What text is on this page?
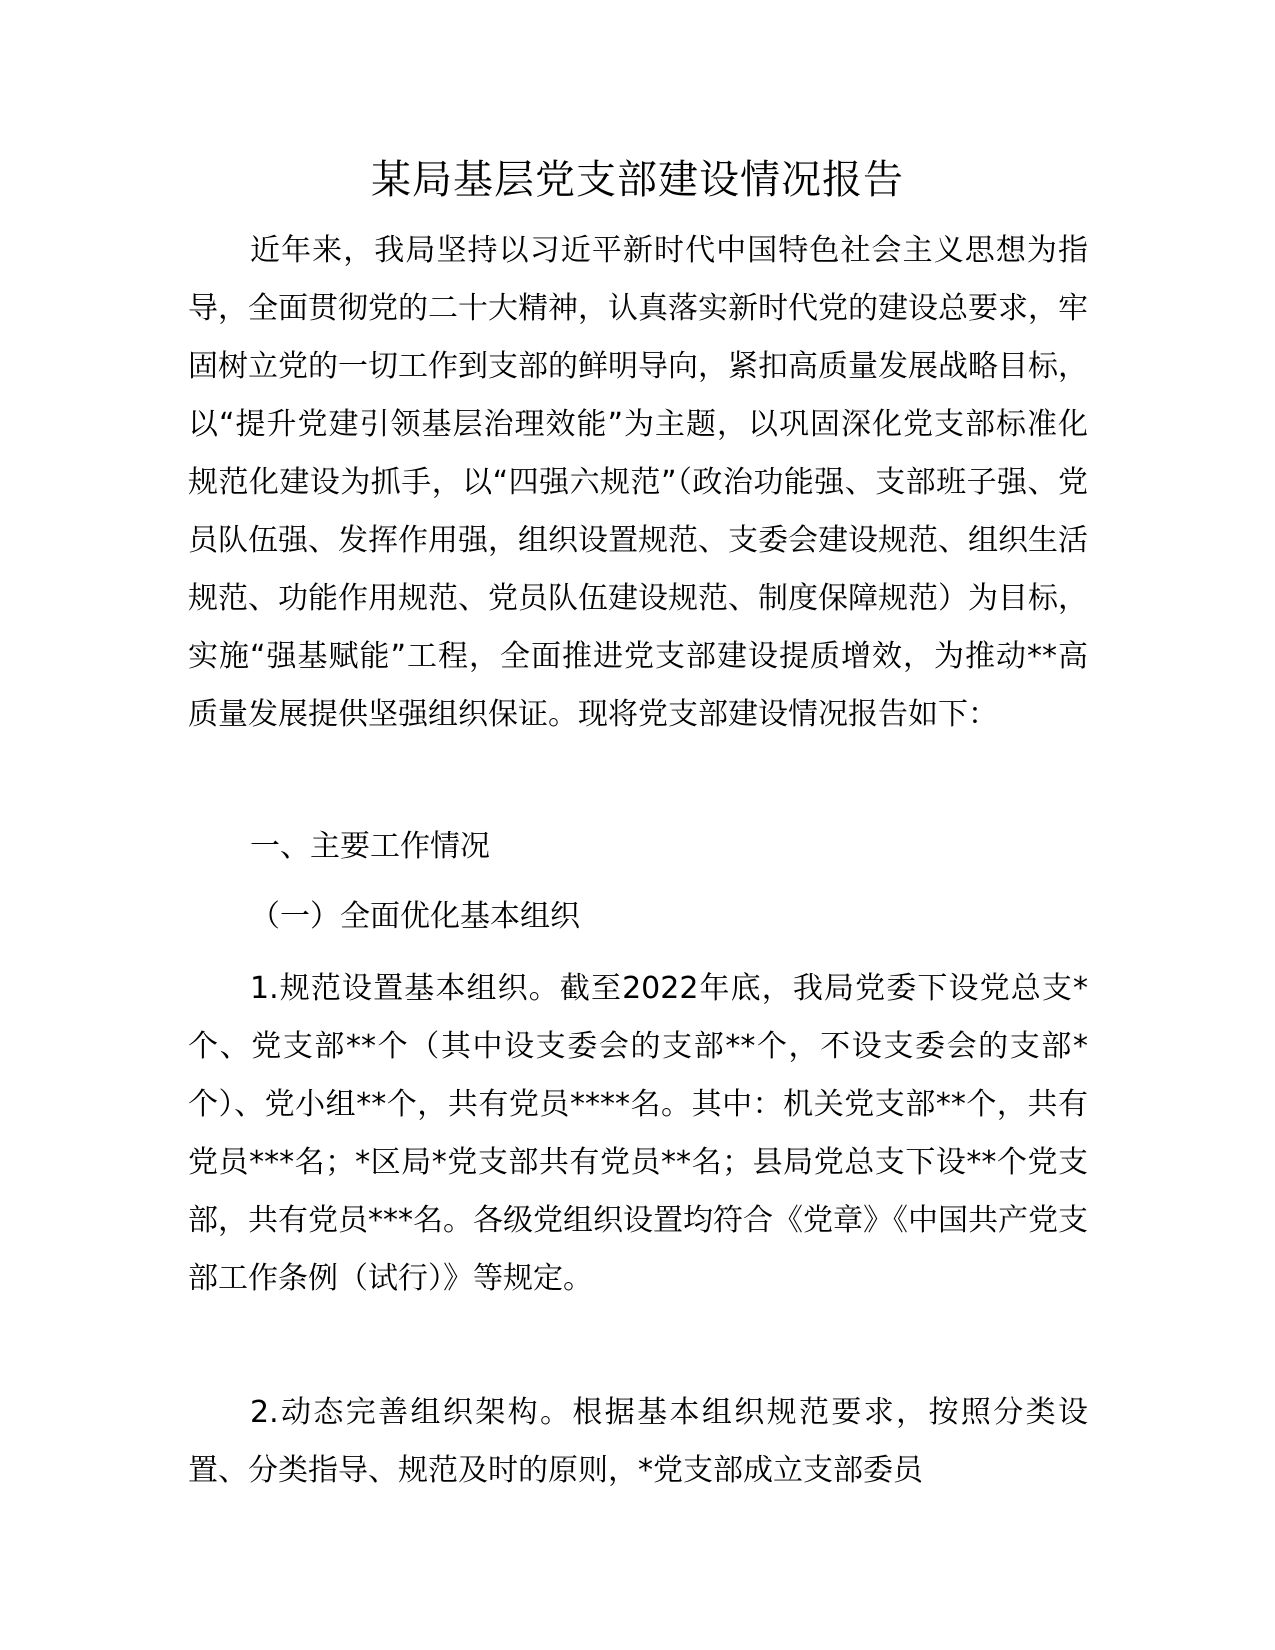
某局基层党支部建设情况报告

近年来，我局坚持以习近平新时代中国特色社会主义思想为指导，全面贯彻党的二十大精神，认真落实新时代党的建设总要求，牢固树立党的一切工作到支部的鲜明导向，紧扣高质量发展战略目标，以“提升党建引领基层治理效能”为主题，以巩固深化党支部标准化规范化建设为抓手，以“四强六规范”（政治功能强、支部班子强、党员队伍强、发挥作用强，组织设置规范、支委会建设规范、组织生活规范、功能作用规范、党员队伍建设规范、制度保障规范）为目标，实施“强基赋能”工程，全面推进党支部建设提质增效，为推动**高质量发展提供坚强组织保证。现将党支部建设情况报告如下：

一、主要工作情况

（一）全面优化基本组织

1.规范设置基本组织。截至2022年底，我局党委下设党总支*个、党支部**个（其中设支委会的支部**个，不设支委会的支部*个）、党小组**个，共有党员****名。其中：机关党支部**个，共有党员***名；*区局*党支部共有党员**名；县局党总支下设**个党支部，共有党员***名。各级党组织设置均符合《党章》《中国共产党支部工作条例（试行）》等规定。

2.动态完善组织架构。根据基本组织规范要求，按照分类设置、分类指导、规范及时的原则，*党支部成立支部委员
